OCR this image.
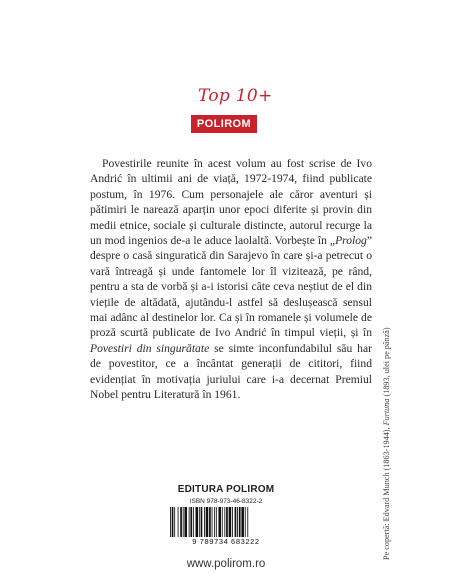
Top 10+
POLIROM

Povestirile reunite în acest volum au fost scrise de Ivo Andrić în ultimii ani de viață, 1972-1974, fiind publicate postum, în 1976. Cum personajele ale căror aventuri și pătimiri le narează aparțin unor epoci diferite și provin din medii etnice, sociale și culturale distincte, autorul recurge la un mod ingenios de-a le aduce laolaltă. Vorbește în „Prolog” despre o casă singuratică din Sarajevo în care și-a petrecut o vară întreagă și unde fantomele lor îl vizitează, pe rând, pentru a sta de vorbă și a-i istorisi câte ceva neștiut de el din viețile de altădată, ajutându-l astfel să deslușească sensul mai adânc al destinelor lor. Ca și în romanele și volumele de proză scurtă publicate de Ivo Andrić în timpul vieții, și în Povestiri din singurătate se simte inconfundabilul său har de povestitor, ce a încântat generații de cititori, fiind evidențiat în motivația juriului care i-a decernat Premiul Nobel pentru Literatură în 1961.

Pe copertă: Edvard Munch (1863-1944), Furtuna (1893, ulei pe pânză)
EDITURA POLIROM
ISBN 978-973-46-8322-2
9 789734 683222
www.polirom.ro
